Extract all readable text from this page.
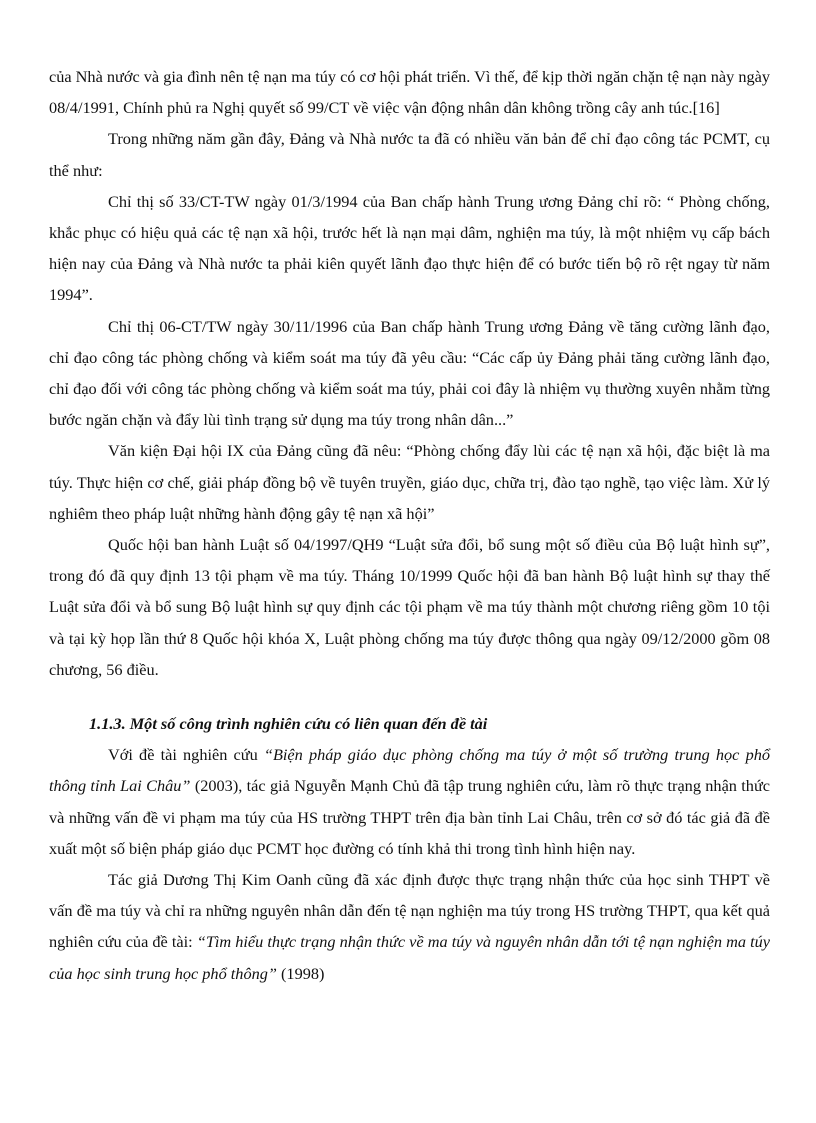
của Nhà nước và gia đình nên tệ nạn ma túy có cơ hội phát triển. Vì thế, để kịp thời ngăn chặn tệ nạn này ngày 08/4/1991, Chính phủ ra Nghị quyết số 99/CT về việc vận động nhân dân không trồng cây anh túc.[16]

Trong những năm gần đây, Đảng và Nhà nước ta đã có nhiều văn bản để chỉ đạo công tác PCMT, cụ thể như:

Chỉ thị số 33/CT-TW ngày 01/3/1994 của Ban chấp hành Trung ương Đảng chỉ rõ: “ Phòng chống, khắc phục có hiệu quả các tệ nạn xã hội, trước hết là nạn mại dâm, nghiện ma túy, là một nhiệm vụ cấp bách hiện nay của Đảng và Nhà nước ta phải kiên quyết lãnh đạo thực hiện để có bước tiến bộ rõ rệt ngay từ năm 1994”.

Chỉ thị 06-CT/TW ngày 30/11/1996 của Ban chấp hành Trung ương Đảng về tăng cường lãnh đạo, chỉ đạo công tác phòng chống và kiểm soát ma túy đã yêu cầu: “Các cấp ủy Đảng phải tăng cường lãnh đạo, chỉ đạo đối với công tác phòng chống và kiểm soát ma túy, phải coi đây là nhiệm vụ thường xuyên nhằm từng bước ngăn chặn và đẩy lùi tình trạng sử dụng ma túy trong nhân dân...”

Văn kiện Đại hội IX của Đảng cũng đã nêu: “Phòng chống đẩy lùi các tệ nạn xã hội, đặc biệt là ma túy. Thực hiện cơ chế, giải pháp đồng bộ về tuyên truyền, giáo dục, chữa trị, đào tạo nghề, tạo việc làm. Xử lý nghiêm theo pháp luật những hành động gây tệ nạn xã hội”

Quốc hội ban hành Luật số 04/1997/QH9 “Luật sửa đổi, bổ sung một số điều của Bộ luật hình sự”, trong đó đã quy định 13 tội phạm về ma túy. Tháng 10/1999 Quốc hội đã ban hành Bộ luật hình sự thay thế Luật sửa đổi và bổ sung Bộ luật hình sự quy định các tội phạm về ma túy thành một chương riêng gồm 10 tội và tại kỳ họp lần thứ 8 Quốc hội khóa X, Luật phòng chống ma túy được thông qua ngày 09/12/2000 gồm 08 chương, 56 điều.

1.1.3. Một số công trình nghiên cứu có liên quan đến đề tài

Với đề tài nghiên cứu “Biện pháp giáo dục phòng chống ma túy ở một số trường trung học phổ thông tỉnh Lai Châu” (2003), tác giả Nguyễn Mạnh Chủ đã tập trung nghiên cứu, làm rõ thực trạng nhận thức và những vấn đề vi phạm ma túy của HS trường THPT trên địa bàn tỉnh Lai Châu, trên cơ sở đó tác giả đã đề xuất một số biện pháp giáo dục PCMT học đường có tính khả thi trong tình hình hiện nay.

Tác giả Dương Thị Kim Oanh cũng đã xác định được thực trạng nhận thức của học sinh THPT về vấn đề ma túy và chỉ ra những nguyên nhân dẫn đến tệ nạn nghiện ma túy trong HS trường THPT, qua kết quả nghiên cứu của đề tài: “Tìm hiểu thực trạng nhận thức về ma túy và nguyên nhân dẫn tới tệ nạn nghiện ma túy của học sinh trung học phổ thông” (1998)
